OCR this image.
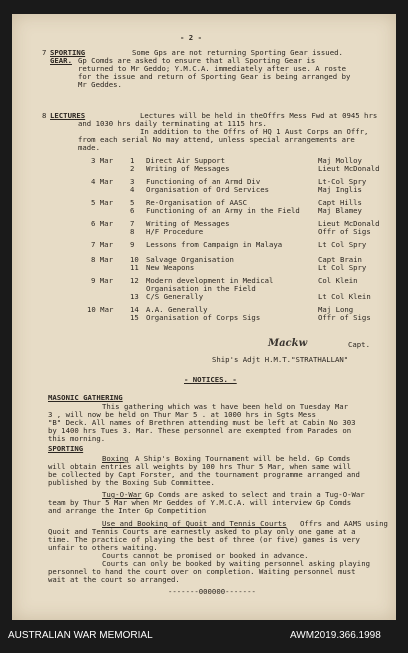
- 2 -
7 SPORTING
GEAR.
Some Gps are not returning Sporting Gear issued.
Gp Comds are asked to ensure that all Sporting Gear is
returned to Mr Geddo; Y.M.C.A. immediately after use. A roste
for the issue and return of Sporting Gear is being arranged by
Mr Geddes.
8 LECTURES	Lectures will be held in theOffrs Mess Fwd at 0945 hrs
and 1030 hrs daily terminating at 1115 hrs.
In addition to the Offrs of HQ 1 Aust Corps an Offr,
from each serial No may attend, unless special arrangements are
made.
3 Mar 1 Direct Air Support	Maj Molloy
2 Writing of Messages	Lieut McDonald
4 Mar 3 Functioning of an Armd Div	Lt-Col Spry
4 Organisation of Ord Services	Maj Inglis
5 Mar 5 Re-Organisation of AASC	Capt Hills
6 Functioning of an Army in the Field Maj Blamey
6 Mar 7 Writing of Messages	Lieut McDonald
8 H/F Procedure	Offr of Sigs
7 Mar 9 Lessons from Campaign in Malaya	Lt Col Spry
8 Mar 10 Salvage Organisation	Capt Brain
11 New Weapons	Lt Col Spry
9 Mar 12 Modern development in Medical	Col Klein
Organisation in the Field
13 C/S Generally	Lt Col Klein
10 Mar 14 A.A. Generally	Maj Long
15 Organisation of Corps Sigs	Offr of Sigs
Mackw	Capt.
Ship's Adjt H.M.T."STRATHALLAN"
- NOTICES. -
MASONIC GATHERING
This gathering which was t have been held on Tuesday Mar
3 , will now be held on Thur Mar 5 . at 1000 hrs in Sgts Mess
"B" Deck. All names of Brethren attending must be left at Cabin No 303
by 1400 hrs Tues 3. Mar. These personnel are exempted from Parades on
this morning.
SPORTING
Boxing A Ship's Boxing Tournament will be held. Gp Comds
will obtain entries all weights by 100 hrs Thur 5 Mar, when same will
be collected by Capt Forster, and the tournament programme arranged and
published by the Boxing Sub Committee.
Tug-O-War Gp Comds are asked to select and train a Tug-O-War
team by Thur 5 Mar when Mr Geddes of Y.M.C.A. will interview Gp Comds
and arrange the Inter Gp Competition
Use and Booking of Quoit and Tennis Courts Offrs and AAMS using
Quoit and Tennis Courts are earnestly asked to play only one game at a
time. The practice of playing the best of three (or five) games is very
unfair to others waiting.
Courts cannot be promised or booked in advance.
Courts can only be booked by waiting personnel asking playing
personnel to hand the court over on completion. Waiting personnel must
wait at the court so arranged.
-------000000-------
AUSTRALIAN WAR MEMORIAL	AWM2019.366.1998
